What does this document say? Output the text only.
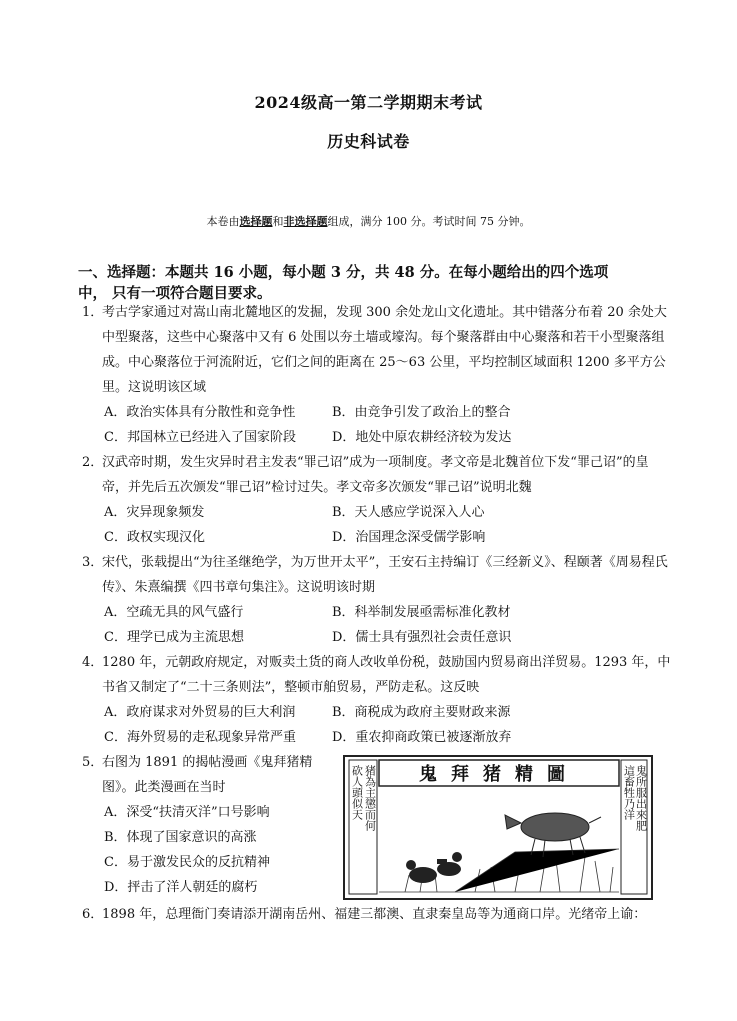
2024级高一第二学期期末考试
历史科试卷
本卷由选择题和非选择题组成，满分 100 分。考试时间 75 分钟。
一、选择题：本题共 16 小题，每小题 3 分，共 48 分。在每小题给出的四个选项
中， 只有一项符合题目要求。
1．
考古学家通过对嵩山南北麓地区的发掘，发现 300 余处龙山文化遗址。其中错落分布着 20 余处大中型聚落，这些中心聚落中又有 6 处围以夯土墙或壕沟。每个聚落群由中心聚落和若干小型聚落组成。中心聚落位于河流附近，它们之间的距离在 25～63 公里，平均控制区域面积 1200 多平方公里。这说明该区域
A．政治实体具有分散性和竞争性	B．由竞争引发了政治上的整合
C．邦国林立已经进入了国家阶段	D．地处中原农耕经济较为发达
2．
汉武帝时期，发生灾异时君主发表“罪己诏”成为一项制度。孝文帝是北魏首位下发“罪己诏”的皇帝，并先后五次颁发“罪己诏”检讨过失。孝文帝多次颁发“罪己诏”说明北魏
A．灾异现象频发	B．天人感应学说深入人心
C．政权实现汉化	D．治国理念深受儒学影响
3．
宋代，张载提出“为往圣继绝学，为万世开太平”，王安石主持编订《三经新义》、程颐著《周易程氏传》、朱熹编撰《四书章句集注》。这说明该时期
A．空疏无具的风气盛行	B．科举制发展亟需标准化教材
C．理学已成为主流思想	D．儒士具有强烈社会责任意识
4．
1280 年，元朝政府规定，对贩卖土货的商人改收单份税，鼓励国内贸易商出洋贸易。1293 年，中书省又制定了“二十三条则法”，整顿市舶贸易，严防走私。这反映
A．政府谋求对外贸易的巨大利润	B．商税成为政府主要财政来源
C．海外贸易的走私现象异常严重	D．重农抑商政策已被逐渐放弃
5．
右图为 1891 的揭帖漫画《鬼拜猪精
图》。此类漫画在当时
A．深受“扶清灭洋”口号影响
B．体现了国家意识的高涨
C．易于激发民众的反抗精神
D．抨击了洋人朝廷的腐朽
鬼拜猪精圖
砍人頭似天 猪為主懲而何	這畜牲乃洋 鬼所服出來肥
6．
1898 年，总理衙门奏请添开湖南岳州、福建三都澳、直隶秦皇岛等为通商口岸。光绪帝上谕：
